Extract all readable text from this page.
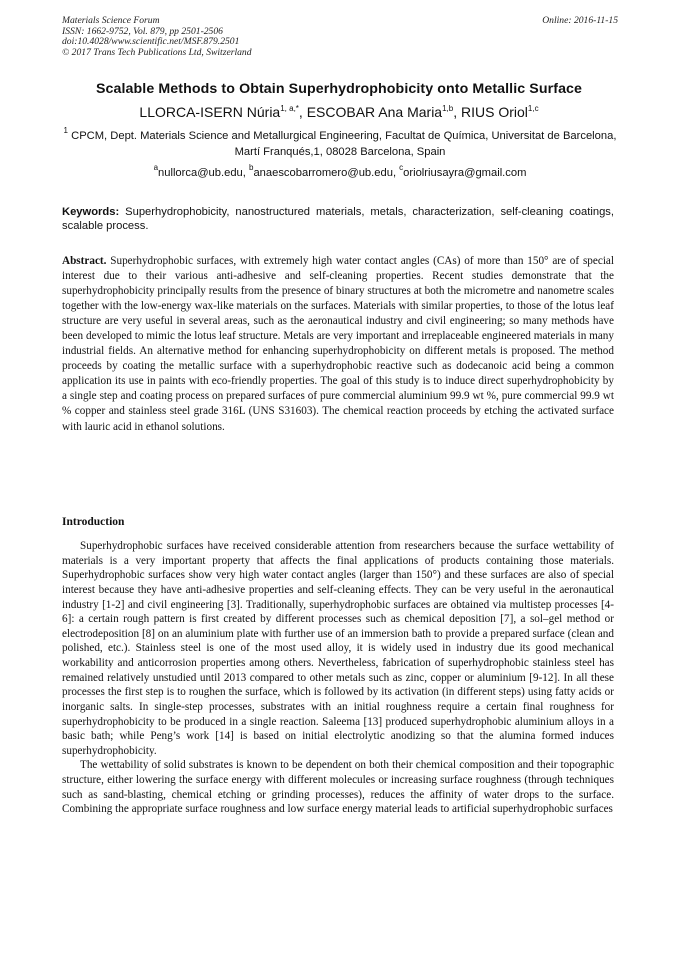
Materials Science Forum
ISSN: 1662-9752, Vol. 879, pp 2501-2506
doi:10.4028/www.scientific.net/MSF.879.2501
© 2017 Trans Tech Publications Ltd, Switzerland
Online: 2016-11-15
Scalable Methods to Obtain Superhydrophobicity onto Metallic Surface
LLORCA-ISERN Núria$^{1, a,*}$, ESCOBAR Ana Maria$^{1,b}$, RIUS Oriol$^{1,c}$
$^1$ CPCM, Dept. Materials Science and Metallurgical Engineering, Facultat de Química, Universitat de Barcelona, Martí Franqués,1, 08028 Barcelona, Spain
$^a$nullorca@ub.edu, $^b$anaescobarromero@ub.edu, $^c$oriolriusayra@gmail.com
Keywords: Superhydrophobicity, nanostructured materials, metals, characterization, self-cleaning coatings, scalable process.
Abstract. Superhydrophobic surfaces, with extremely high water contact angles (CAs) of more than 150° are of special interest due to their various anti-adhesive and self-cleaning properties. Recent studies demonstrate that the superhydrophobicity principally results from the presence of binary structures at both the micrometre and nanometre scales together with the low-energy wax-like materials on the surfaces. Materials with similar properties, to those of the lotus leaf structure are very useful in several areas, such as the aeronautical industry and civil engineering; so many methods have been developed to mimic the lotus leaf structure. Metals are very important and irreplaceable engineered materials in many industrial fields. An alternative method for enhancing superhydrophobicity on different metals is proposed. The method proceeds by coating the metallic surface with a superhydrophobic reactive such as dodecanoic acid being a common application its use in paints with eco-friendly properties. The goal of this study is to induce direct superhydrophobicity by a single step and coating process on prepared surfaces of pure commercial aluminium 99.9 wt %, pure commercial 99.9 wt % copper and stainless steel grade 316L (UNS S31603). The chemical reaction proceeds by etching the activated surface with lauric acid in ethanol solutions.
Introduction

Superhydrophobic surfaces have received considerable attention from researchers because the surface wettability of materials is a very important property that affects the final applications of products containing those materials. Superhydrophobic surfaces show very high water contact angles (larger than 150°) and these surfaces are also of special interest because they have anti-adhesive properties and self-cleaning effects. They can be very useful in the aeronautical industry [1-2] and civil engineering [3]. Traditionally, superhydrophobic surfaces are obtained via multistep processes [4-6]: a certain rough pattern is first created by different processes such as chemical deposition [7], a sol–gel method or electrodeposition [8] on an aluminium plate with further use of an immersion bath to provide a prepared surface (clean and polished, etc.). Stainless steel is one of the most used alloy, it is widely used in industry due its good mechanical workability and anticorrosion properties among others. Nevertheless, fabrication of superhydrophobic stainless steel has remained relatively unstudied until 2013 compared to other metals such as zinc, copper or aluminium [9-12]. In all these processes the first step is to roughen the surface, which is followed by its activation (in different steps) using fatty acids or inorganic salts. In single-step processes, substrates with an initial roughness require a certain final roughness for superhydrophobicity to be produced in a single reaction. Saleema [13] produced superhydrophobic aluminium alloys in a basic bath; while Peng’s work [14] is based on initial electrolytic anodizing so that the alumina formed induces superhydrophobicity.

The wettability of solid substrates is known to be dependent on both their chemical composition and their topographic structure, either lowering the surface energy with different molecules or increasing surface roughness (through techniques such as sand-blasting, chemical etching or grinding processes), reduces the affinity of water drops to the surface. Combining the appropriate surface roughness and low surface energy material leads to artificial superhydrophobic surfaces
